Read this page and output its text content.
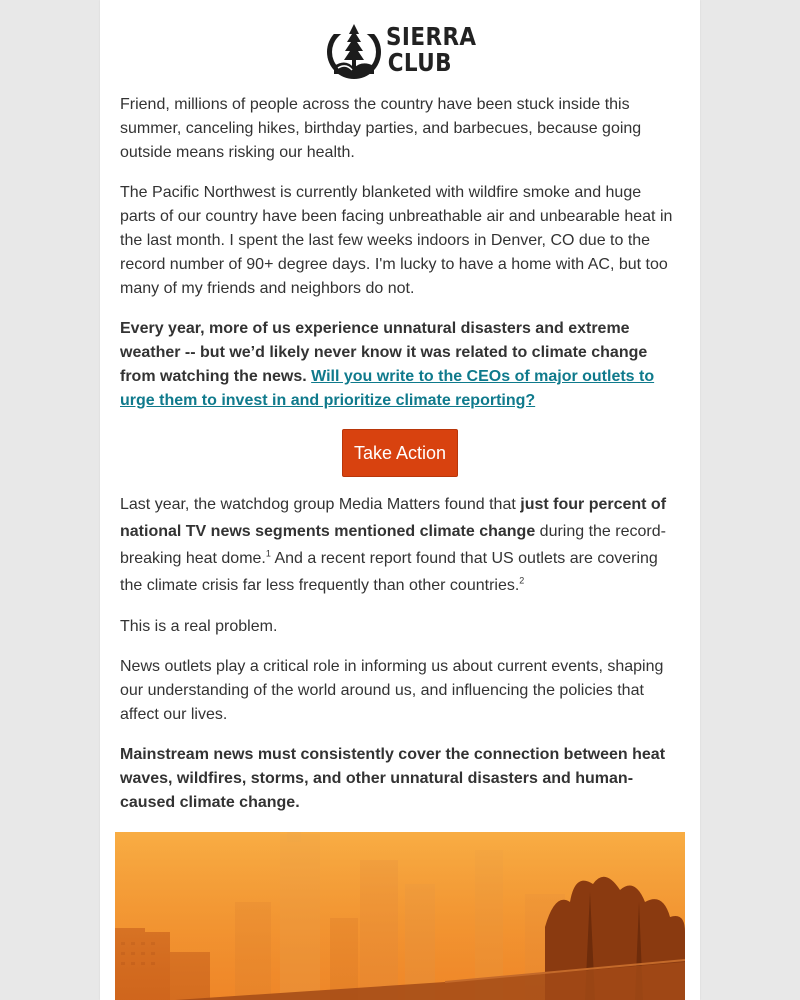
SIERRA
CLUB

Friend, millions of people across the country have been stuck inside this summer, canceling hikes, birthday parties, and barbecues, because going outside means risking our health.

The Pacific Northwest is currently blanketed with wildfire smoke and huge parts of our country have been facing unbreathable air and unbearable heat in the last month. I spent the last few weeks indoors in Denver, CO due to the record number of 90+ degree days. I'm lucky to have a home with AC, but too many of my friends and neighbors do not.

Every year, more of us experience unnatural disasters and extreme weather -- but we’d likely never know it was related to climate change from watching the news. Will you write to the CEOs of major outlets to urge them to invest in and prioritize climate reporting?

Take Action

Last year, the watchdog group Media Matters found that just four percent of national TV news segments mentioned climate change during the record-breaking heat dome.$^1$ And a recent report found that US outlets are covering the climate crisis far less frequently than other countries.$^2$

This is a real problem.

News outlets play a critical role in informing us about current events, shaping our understanding of the world around us, and influencing the policies that affect our lives.

Mainstream news must consistently cover the connection between heat waves, wildfires, storms, and other unnatural disasters and human-caused climate change.
